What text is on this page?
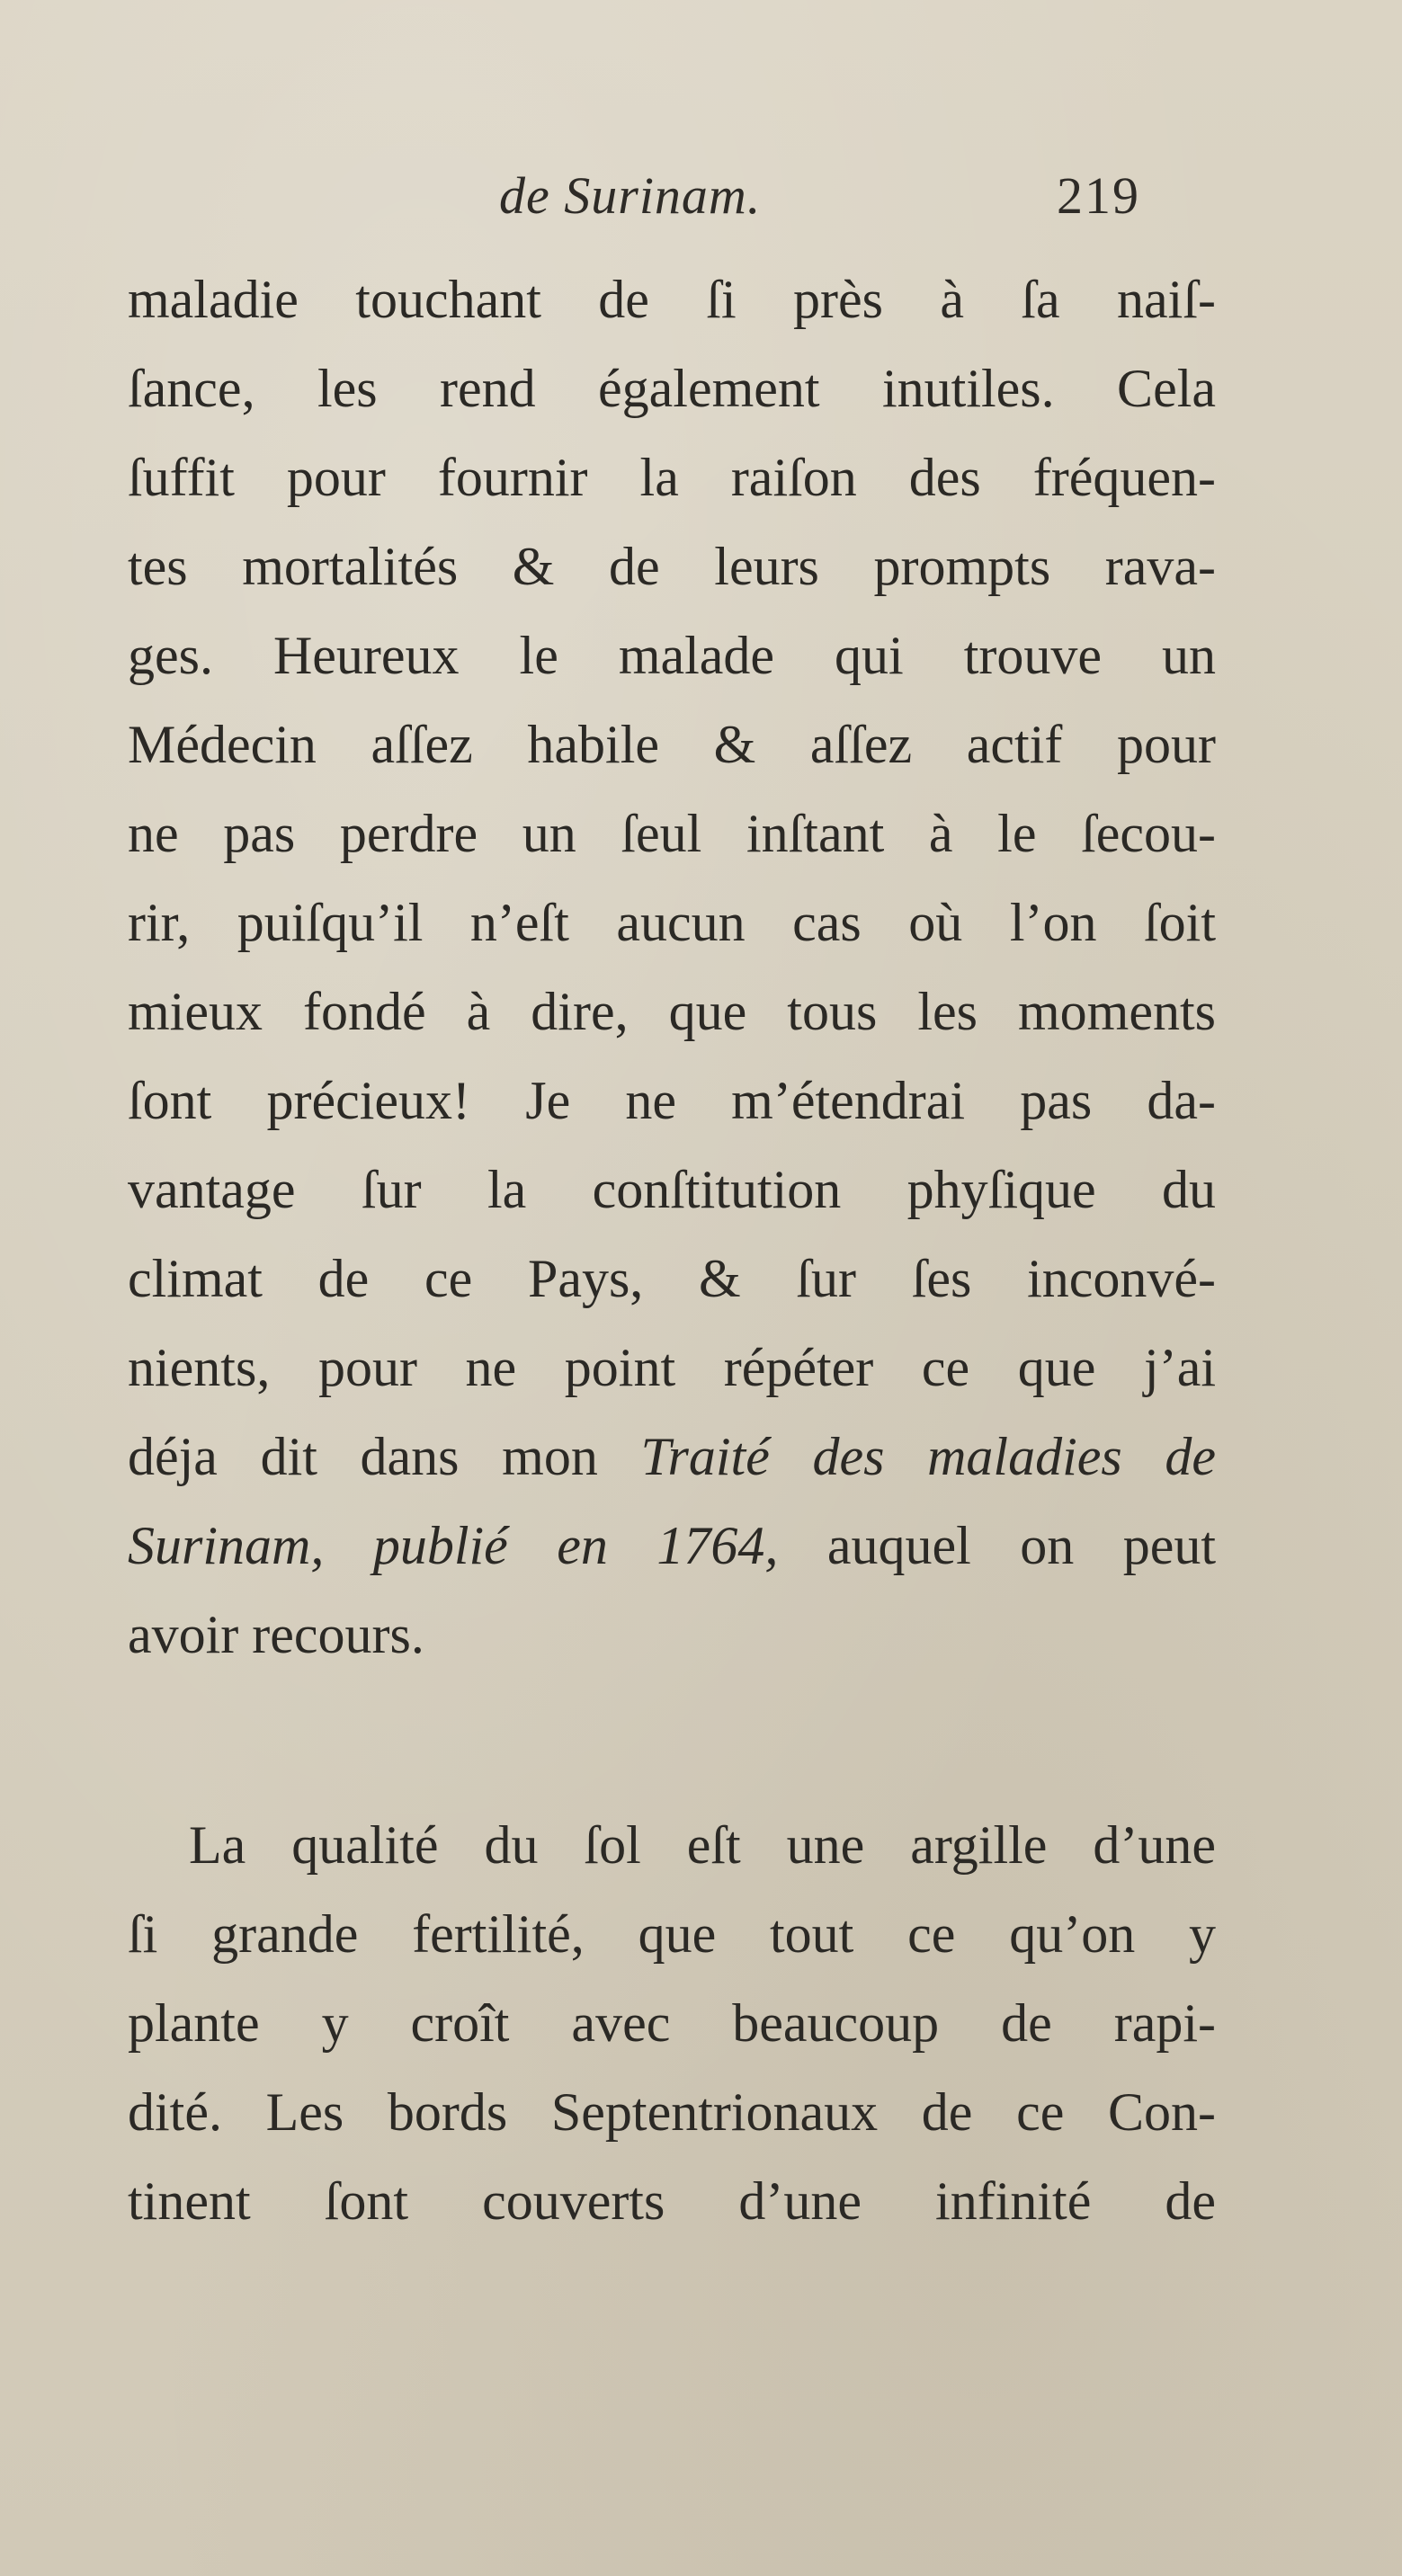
de Surinam.	219
maladie touchant de ſi près à ſa naiſ-
ſance, les rend également inutiles. Cela
ſuffit pour fournir la raiſon des fréquen-
tes mortalités & de leurs prompts rava-
ges. Heureux le malade qui trouve un
Médecin aſſez habile & aſſez actif pour
ne pas perdre un ſeul inſtant à le ſecou-
rir, puiſqu’il n’eſt aucun cas où l’on ſoit
mieux fondé à dire, que tous les moments
ſont précieux! Je ne m’étendrai pas da-
vantage ſur la conſtitution phyſique du
climat de ce Pays, & ſur ſes inconvé-
nients, pour ne point répéter ce que j’ai
déja dit dans mon Traité des maladies de
Surinam, publié en 1764, auquel on peut
avoir recours.
La qualité du ſol eſt une argille d’une
ſi grande fertilité, que tout ce qu’on y
plante y croît avec beaucoup de rapi-
dité. Les bords Septentrionaux de ce Con-
tinent ſont couverts d’une infinité de
